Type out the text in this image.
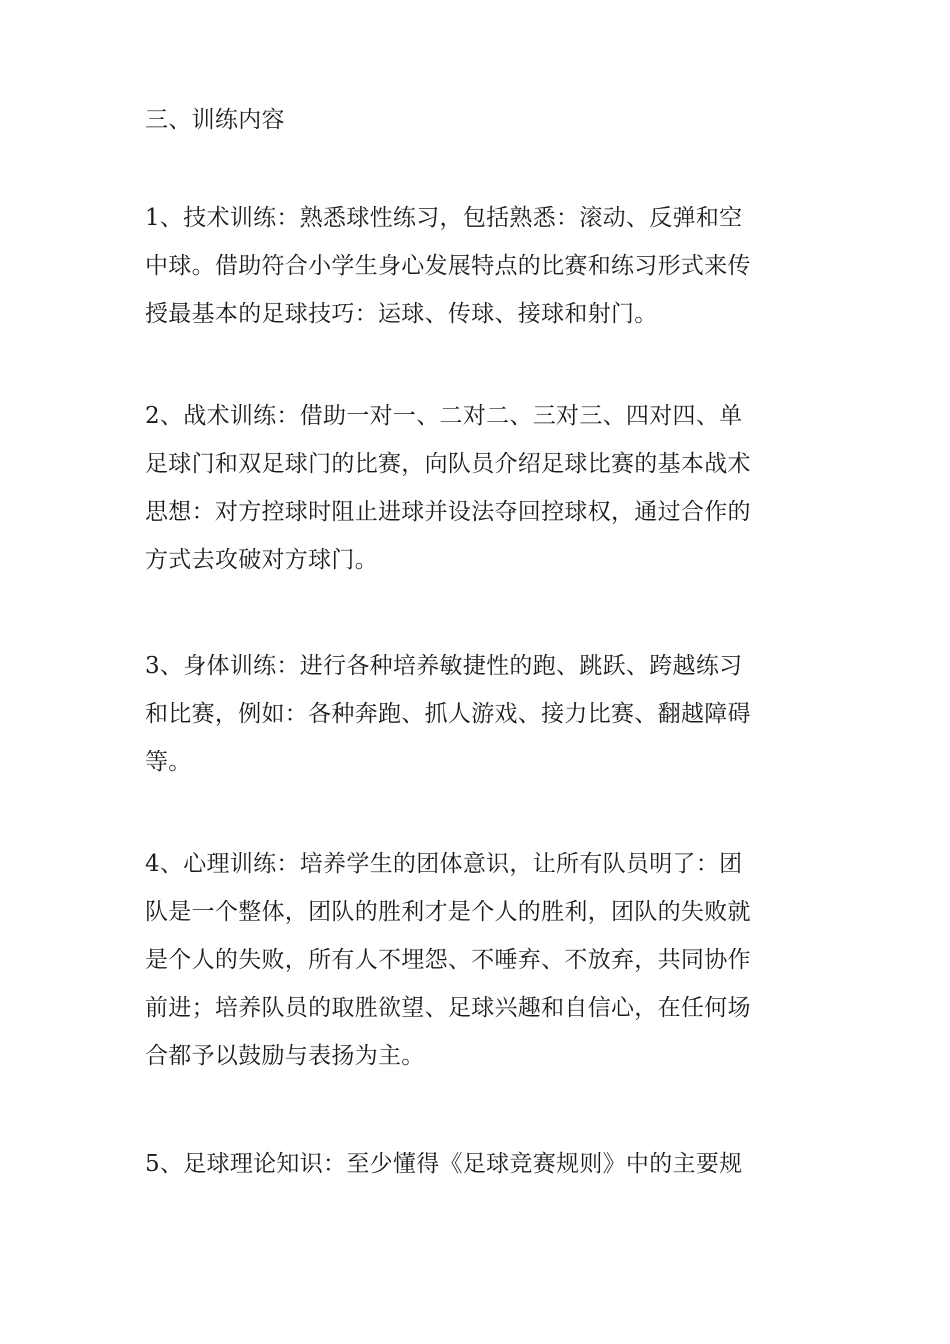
三、训练内容

1、技术训练：熟悉球性练习，包括熟悉：滚动、反弹和空
中球。借助符合小学生身心发展特点的比赛和练习形式来传
授最基本的足球技巧：运球、传球、接球和射门。

2、战术训练：借助一对一、二对二、三对三、四对四、单
足球门和双足球门的比赛，向队员介绍足球比赛的基本战术
思想：对方控球时阻止进球并设法夺回控球权，通过合作的
方式去攻破对方球门。

3、身体训练：进行各种培养敏捷性的跑、跳跃、跨越练习
和比赛，例如：各种奔跑、抓人游戏、接力比赛、翻越障碍
等。

4、心理训练：培养学生的团体意识，让所有队员明了：团
队是一个整体，团队的胜利才是个人的胜利，团队的失败就
是个人的失败，所有人不埋怨、不唾弃、不放弃，共同协作
前进；培养队员的取胜欲望、足球兴趣和自信心，在任何场
合都予以鼓励与表扬为主。

5、足球理论知识：至少懂得《足球竞赛规则》中的主要规
